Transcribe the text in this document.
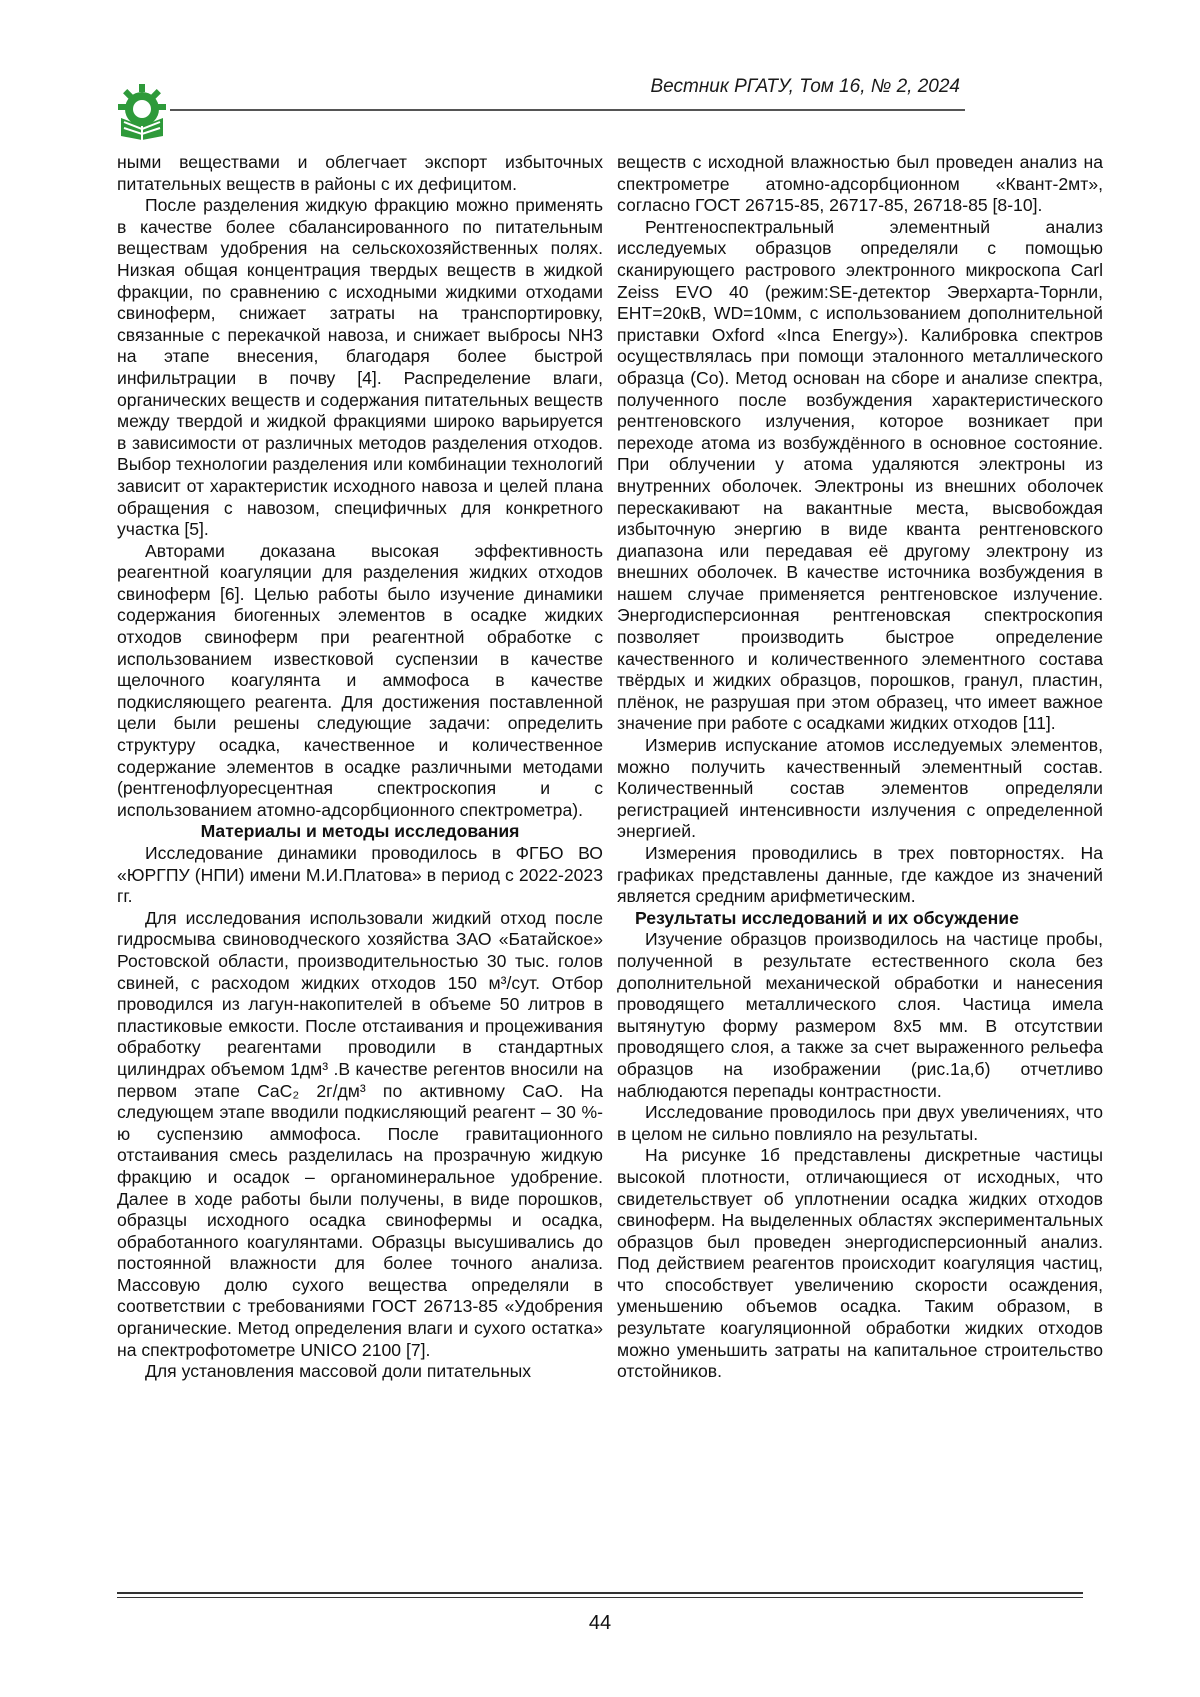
Вестник РГАТУ, Том 16, № 2, 2024

ными веществами и облегчает экспорт избыточных питательных веществ в районы с их дефицитом.

После разделения жидкую фракцию можно применять в качестве более сбалансированного по питательным веществам удобрения на сельскохозяйственных полях. Низкая общая концентрация твердых веществ в жидкой фракции, по сравнению с исходными жидкими отходами свиноферм, снижает затраты на транспортировку, связанные с перекачкой навоза, и снижает выбросы NH3 на этапе внесения, благодаря более быстрой инфильтрации в почву [4]. Распределение влаги, органических веществ и содержания питательных веществ между твердой и жидкой фракциями широко варьируется в зависимости от различных методов разделения отходов. Выбор технологии разделения или комбинации технологий зависит от характеристик исходного навоза и целей плана обращения с навозом, специфичных для конкретного участка [5].

Авторами доказана высокая эффективность реагентной коагуляции для разделения жидких отходов свиноферм [6]. Целью работы было изучение динамики содержания биогенных элементов в осадке жидких отходов свиноферм при реагентной обработке с использованием известковой суспензии в качестве щелочного коагулянта и аммофоса в качестве подкисляющего реагента. Для достижения поставленной цели были решены следующие задачи: определить структуру осадка, качественное и количественное содержание элементов в осадке различными методами (рентгенофлуоресцентная спектроскопия и с использованием атомно-адсорбционного спектрометра).

Материалы и методы исследования

Исследование динамики проводилось в ФГБО ВО «ЮРГПУ (НПИ) имени М.И.Платова» в период с 2022-2023 гг.

Для исследования использовали жидкий отход после гидросмыва свиноводческого хозяйства ЗАО «Батайское» Ростовской области, производительностью 30 тыс. голов свиней, с расходом жидких отходов 150 м³/сут. Отбор проводился из лагун-накопителей в объеме 50 литров в пластиковые емкости. После отстаивания и процеживания обработку реагентами проводили в стандартных цилиндрах объемом 1дм³ .В качестве регентов вносили на первом этапе CaC₂ 2г/дм³ по активному CaO. На следующем этапе вводили подкисляющий реагент – 30 %-ю суспензию аммофоса. После гравитационного отстаивания смесь разделилась на прозрачную жидкую фракцию и осадок – органоминеральное удобрение. Далее в ходе работы были получены, в виде порошков, образцы исходного осадка свинофермы и осадка, обработанного коагулянтами. Образцы высушивались до постоянной влажности для более точного анализа. Массовую долю сухого вещества определяли в соответствии с требованиями ГОСТ 26713-85 «Удобрения органические. Метод определения влаги и сухого остатка» на спектрофотометре UNICO 2100 [7].

Для установления массовой доли питательных

веществ с исходной влажностью был проведен анализ на спектрометре атомно-адсорбционном «Квант-2мт», согласно ГОСТ 26715-85, 26717-85, 26718-85 [8-10].

Рентгеноспектральный элементный анализ исследуемых образцов определяли с помощью сканирующего растрового электронного микроскопа Carl Zeiss EVO 40 (режим:SE-детектор Эверхарта-Торнли, EHT=20кВ, WD=10мм, с использованием дополнительной приставки Oxford «Inca Energy»). Калибровка спектров осуществлялась при помощи эталонного металлического образца (Co). Метод основан на сборе и анализе спектра, полученного после возбуждения характеристического рентгеновского излучения, которое возникает при переходе атома из возбуждённого в основное состояние. При облучении у атома удаляются электроны из внутренних оболочек. Электроны из внешних оболочек перескакивают на вакантные места, высвобождая избыточную энергию в виде кванта рентгеновского диапазона или передавая её другому электрону из внешних оболочек. В качестве источника возбуждения в нашем случае применяется рентгеновское излучение. Энергодисперсионная рентгеновская спектроскопия позволяет производить быстрое определение качественного и количественного элементного состава твёрдых и жидких образцов, порошков, гранул, пластин, плёнок, не разрушая при этом образец, что имеет важное значение при работе с осадками жидких отходов [11].

Измерив испускание атомов исследуемых элементов, можно получить качественный элементный состав. Количественный состав элементов определяли регистрацией интенсивности излучения с определенной энергией.

Измерения проводились в трех повторностях. На графиках представлены данные, где каждое из значений является средним арифметическим.

Результаты исследований и их обсуждение

Изучение образцов производилось на частице пробы, полученной в результате естественного скола без дополнительной механической обработки и нанесения проводящего металлического слоя. Частица имела вытянутую форму размером 8х5 мм. В отсутствии проводящего слоя, а также за счет выраженного рельефа образцов на изображении (рис.1а,б) отчетливо наблюдаются перепады контрастности.

Исследование проводилось при двух увеличениях, что в целом не сильно повлияло на результаты.

На рисунке 1б представлены дискретные частицы высокой плотности, отличающиеся от исходных, что свидетельствует об уплотнении осадка жидких отходов свиноферм. На выделенных областях экспериментальных образцов был проведен энергодисперсионный анализ. Под действием реагентов происходит коагуляция частиц, что способствует увеличению скорости осаждения, уменьшению объемов осадка. Таким образом, в результате коагуляционной обработки жидких отходов можно уменьшить затраты на капитальное строительство отстойников.

44
